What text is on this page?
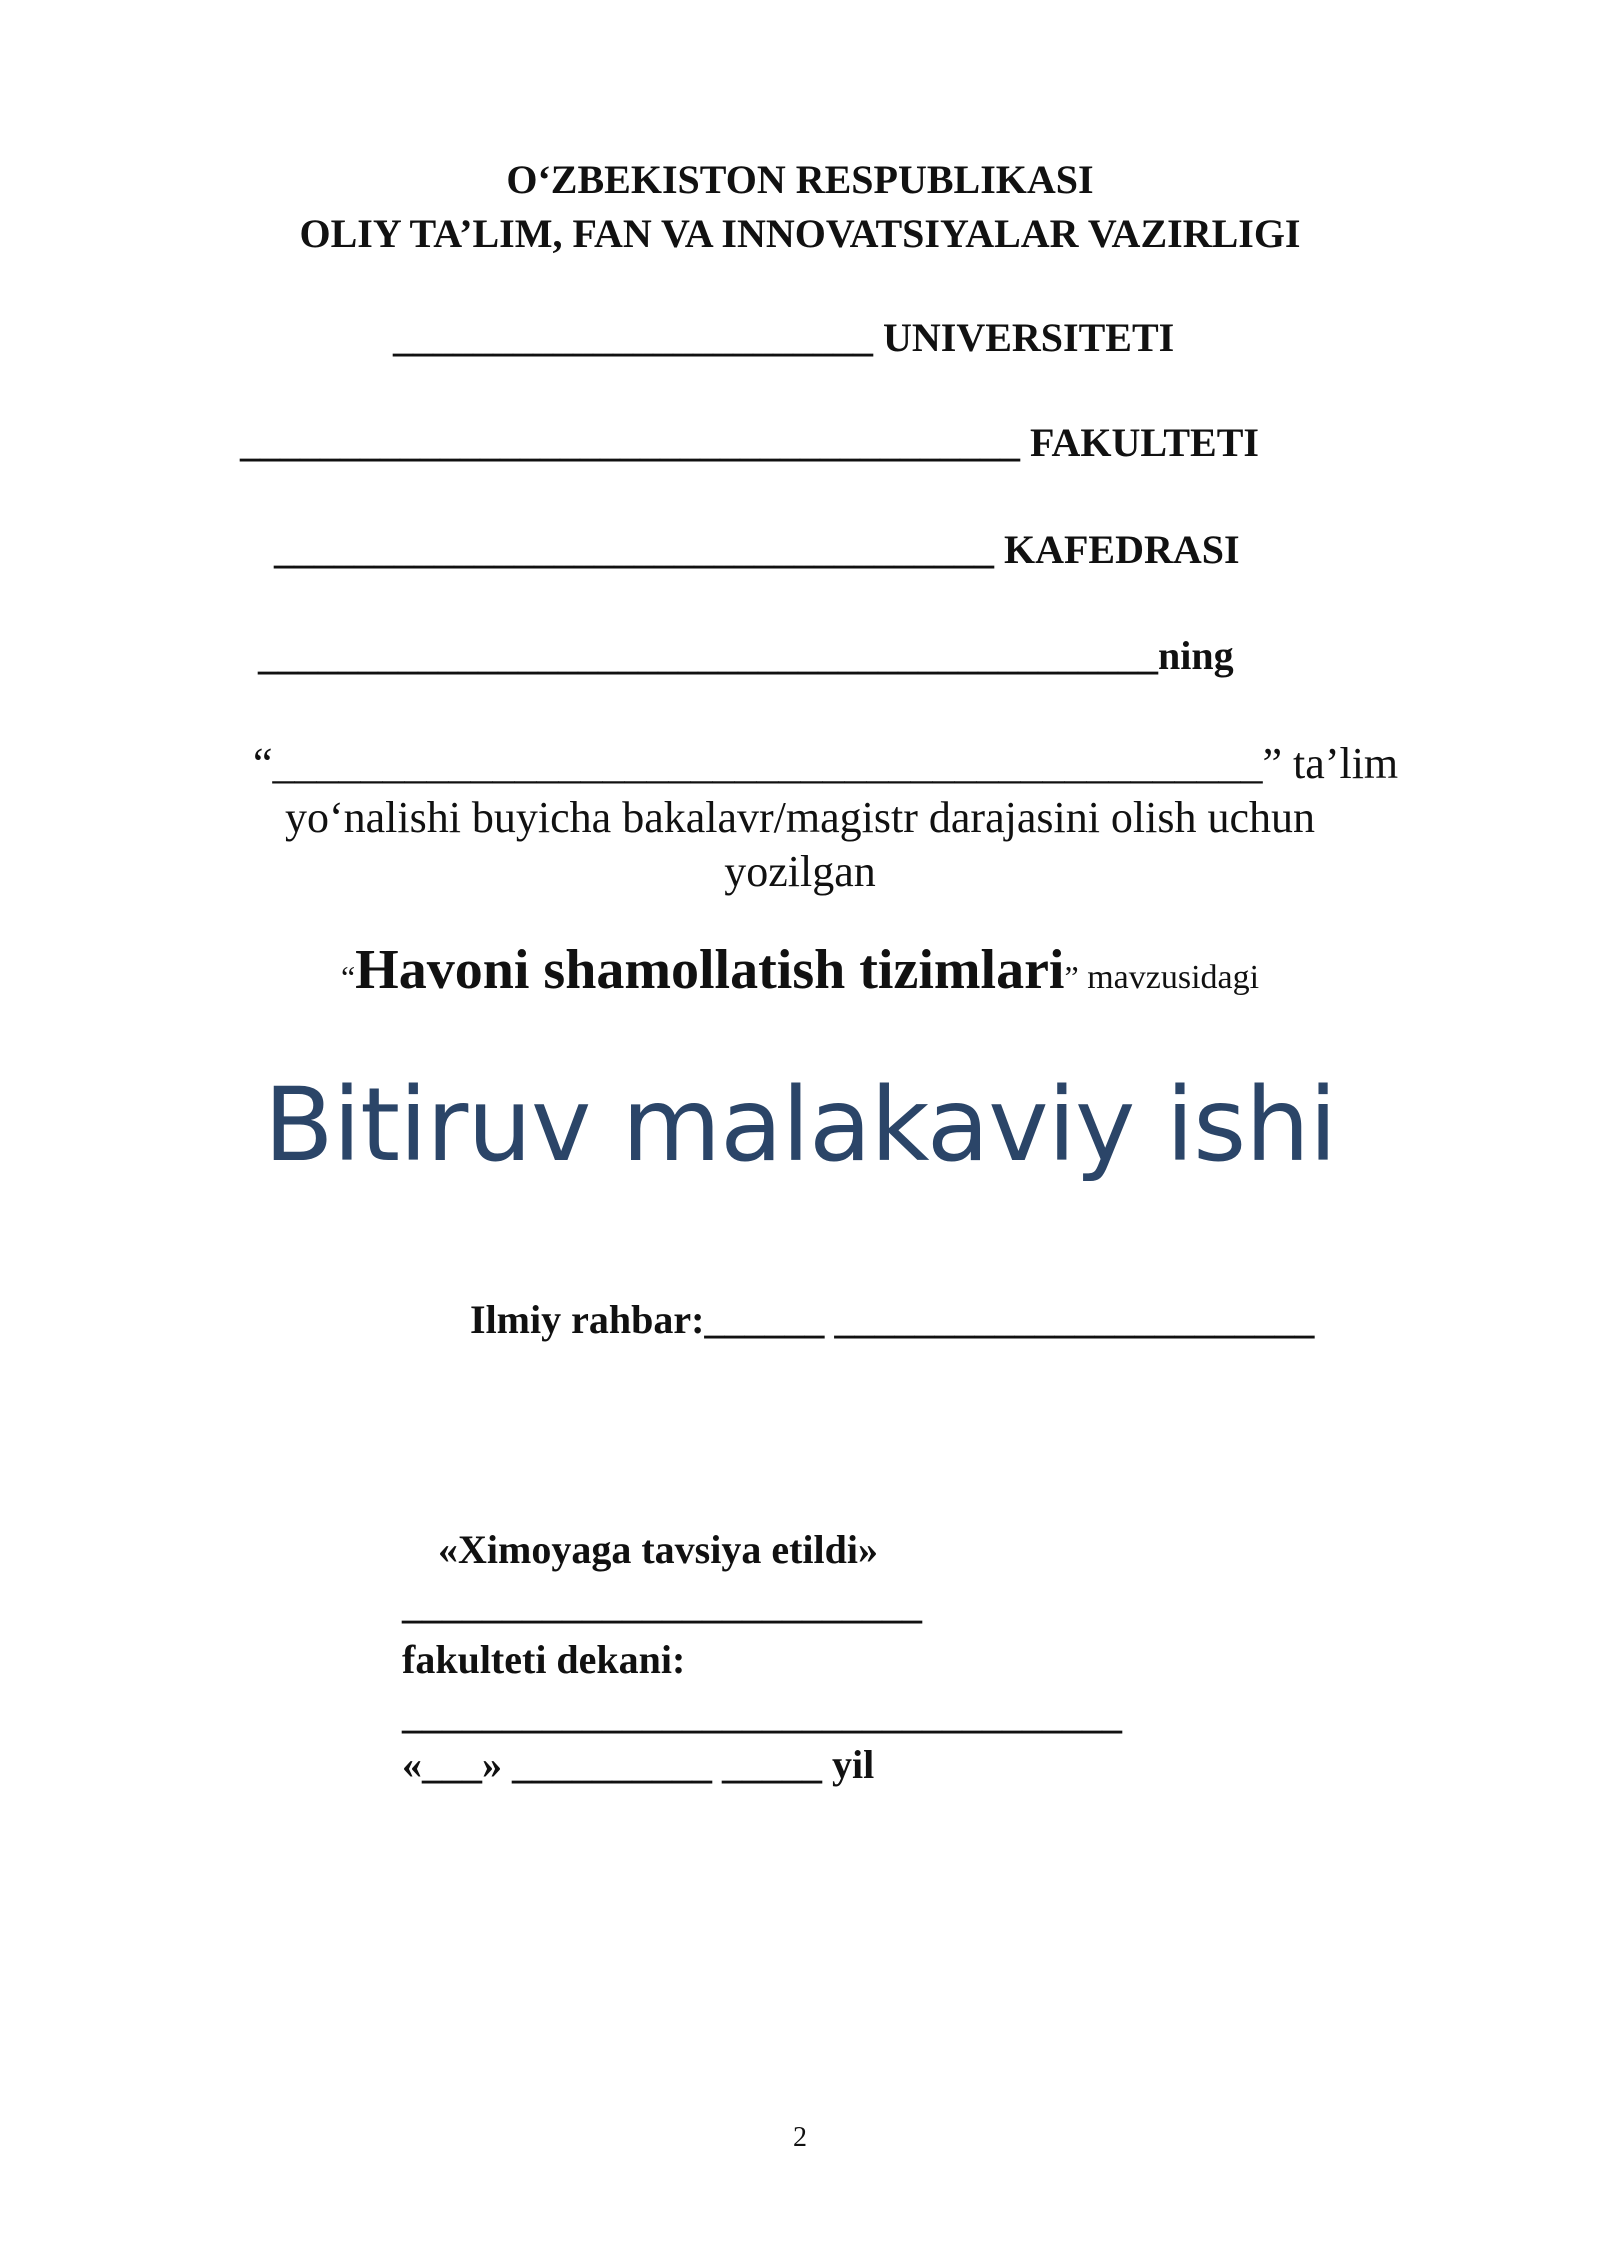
O‘ZBEKISTON RESPUBLIKASI
OLIY TA’LIM, FAN VA INNOVATSIYALAR VAZIRLIGI
________________________ UNIVERSITETI
_______________________________________ FAKULTETI
____________________________________ KAFEDRASI
_____________________________________________ning
“_____________________________________________” ta’lim
yo‘nalishi buyicha bakalavr/magistr darajasini olish uchun
yozilgan
“Havoni shamollatish tizimlari” mavzusidagi
Bitiruv malakaviy ishi
Ilmiy rahbar:______ ________________________
«Ximoyaga tavsiya etildi»
__________________________
fakulteti dekani:
____________________________________
«___» __________ _____ yil
2
